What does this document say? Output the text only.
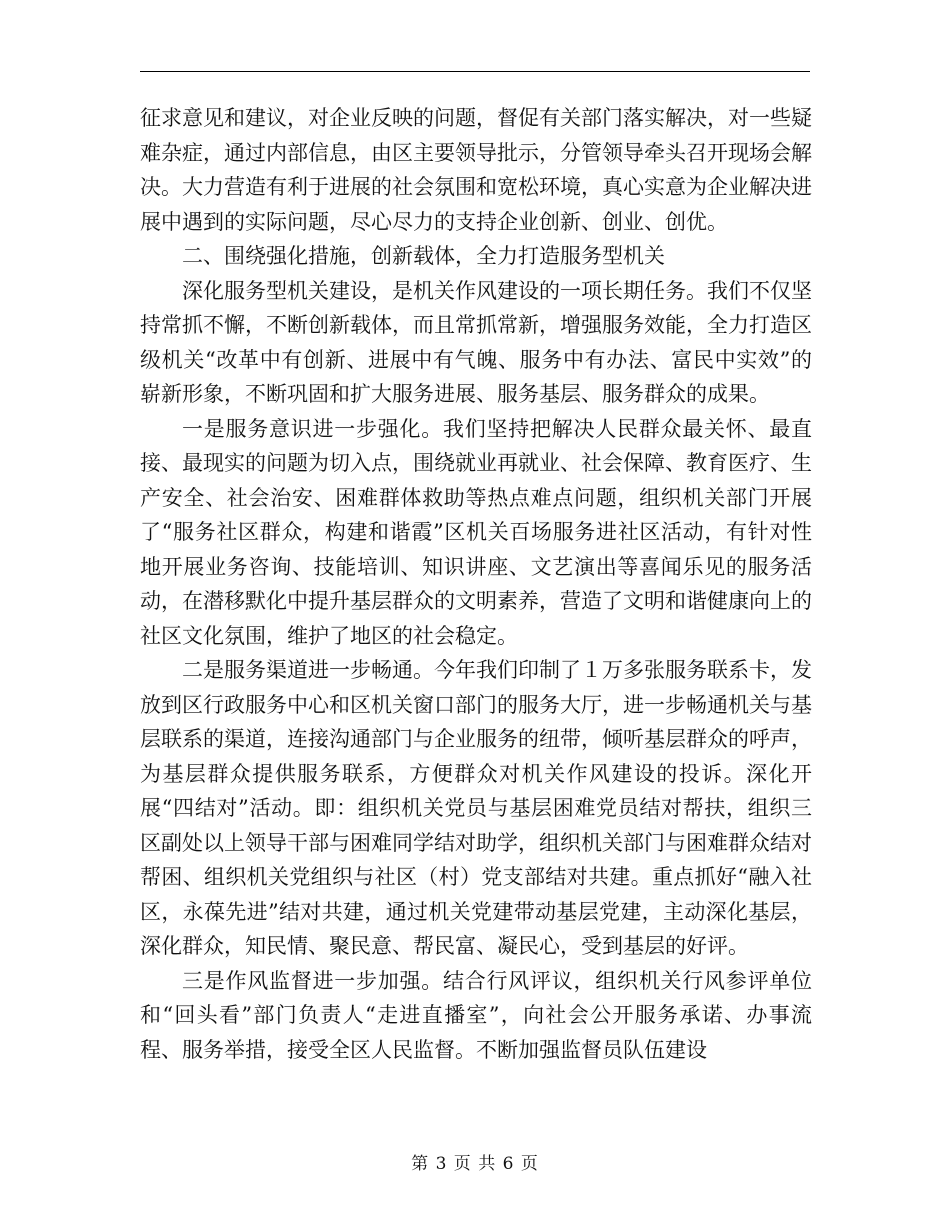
征求意见和建议，对企业反映的问题，督促有关部门落实解决，对一些疑难杂症，通过内部信息，由区主要领导批示，分管领导牵头召开现场会解决。大力营造有利于进展的社会氛围和宽松环境，真心实意为企业解决进展中遇到的实际问题，尽心尽力的支持企业创新、创业、创优。

二、围绕强化措施，创新载体，全力打造服务型机关

深化服务型机关建设，是机关作风建设的一项长期任务。我们不仅坚持常抓不懈，不断创新载体，而且常抓常新，增强服务效能，全力打造区级机关“改革中有创新、进展中有气魄、服务中有办法、富民中实效”的崭新形象，不断巩固和扩大服务进展、服务基层、服务群众的成果。

一是服务意识进一步强化。我们坚持把解决人民群众最关怀、最直接、最现实的问题为切入点，围绕就业再就业、社会保障、教育医疗、生产安全、社会治安、困难群体救助等热点难点问题，组织机关部门开展了“服务社区群众，构建和谐霞”区机关百场服务进社区活动，有针对性地开展业务咨询、技能培训、知识讲座、文艺演出等喜闻乐见的服务活动，在潜移默化中提升基层群众的文明素养，营造了文明和谐健康向上的社区文化氛围，维护了地区的社会稳定。

二是服务渠道进一步畅通。今年我们印制了１万多张服务联系卡，发放到区行政服务中心和区机关窗口部门的服务大厅，进一步畅通机关与基层联系的渠道，连接沟通部门与企业服务的纽带，倾听基层群众的呼声，为基层群众提供服务联系，方便群众对机关作风建设的投诉。深化开展“四结对”活动。即：组织机关党员与基层困难党员结对帮扶，组织三区副处以上领导干部与困难同学结对助学，组织机关部门与困难群众结对帮困、组织机关党组织与社区（村）党支部结对共建。重点抓好“融入社区，永葆先进”结对共建，通过机关党建带动基层党建，主动深化基层，深化群众，知民情、聚民意、帮民富、凝民心，受到基层的好评。

三是作风监督进一步加强。结合行风评议，组织机关行风参评单位和“回头看”部门负责人“走进直播室”，向社会公开服务承诺、办事流程、服务举措，接受全区人民监督。不断加强监督员队伍建设

第 3 页 共 6 页
